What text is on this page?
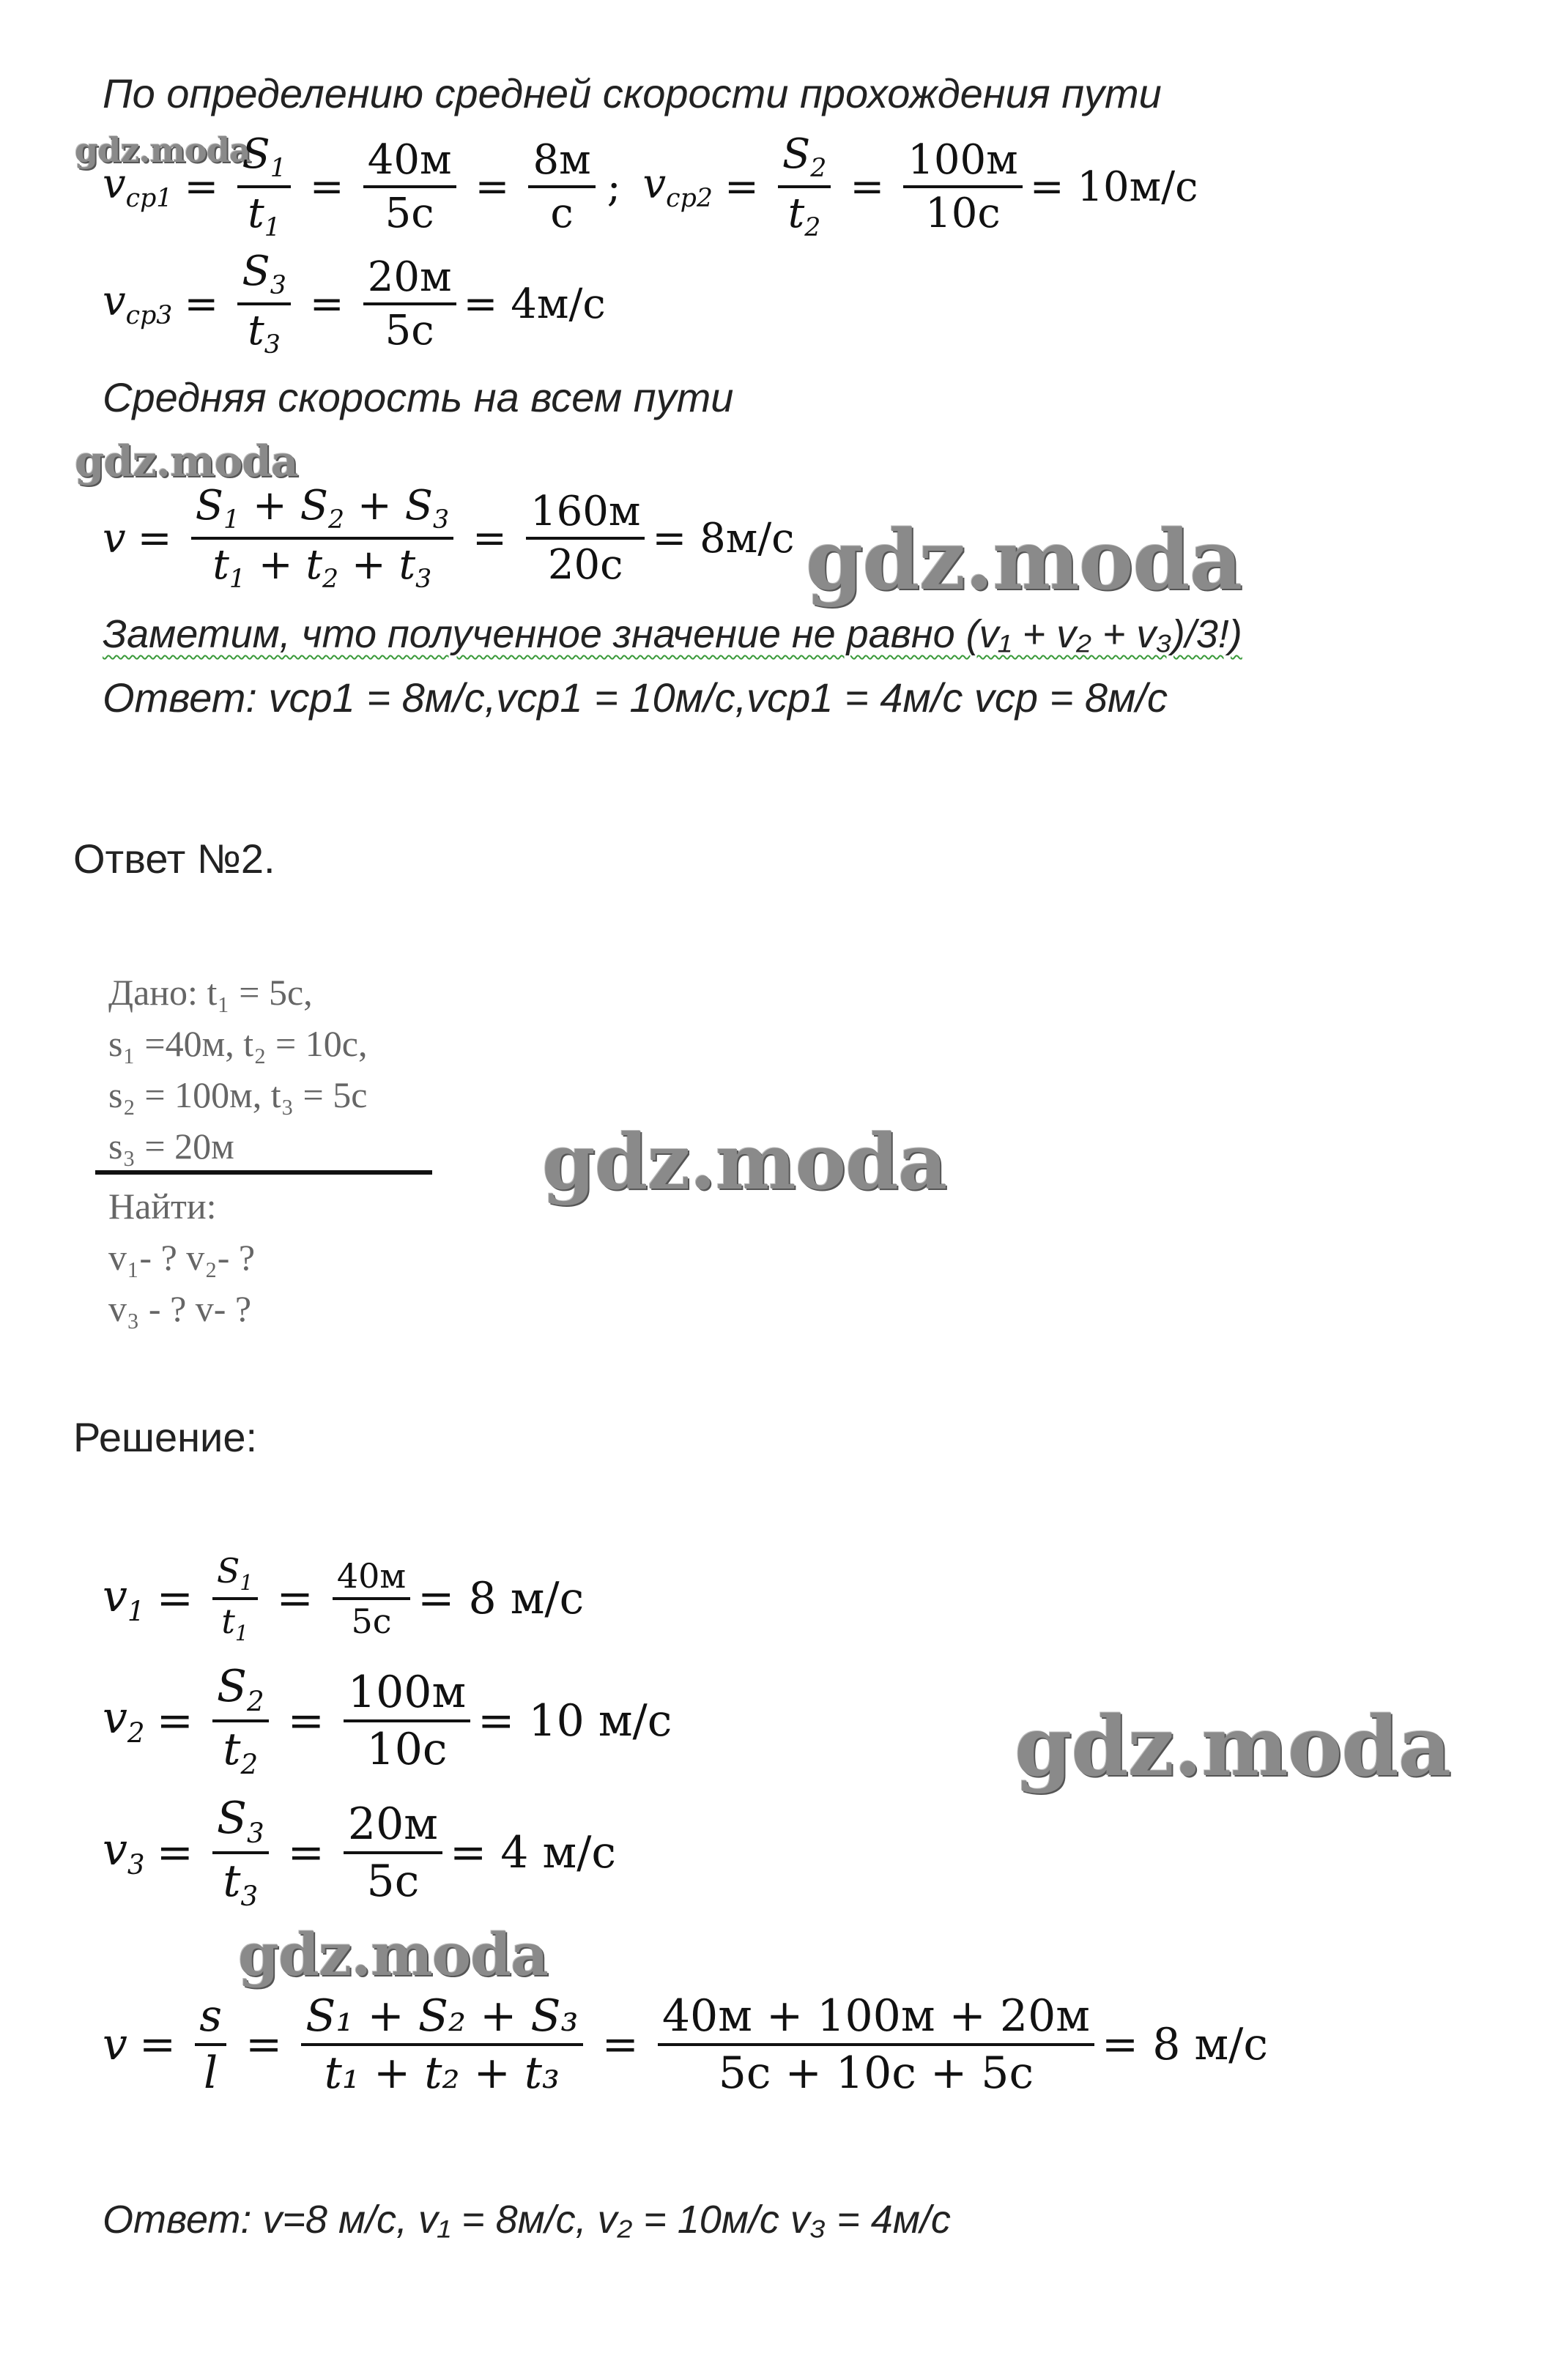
По определению средней скорости прохождения пути
gdz.moda
$v_{ср1} = \frac{S_1}{t_1} = \frac{40м}{5с} = \frac{8м}{с}$ ; $v_{ср2} = \frac{S_2}{t_2} = \frac{100м}{10с} = 10м/с$
$v_{ср3} = \frac{S_3}{t_3} = \frac{20м}{5с} = 4м/с$
Средняя скорость на всем пути
gdz.moda
$v = \frac{S_1 + S_2 + S_3}{t_1 + t_2 + t_3} = \frac{160м}{20с} = 8м/с$ gdz.moda
Заметим, что полученное значение не равно (v₁ + v₂ + v₃)/3!)
Ответ: vср1 = 8м/с,vср1 = 10м/с,vср1 = 4м/с vср = 8м/с
Ответ №2.
Дано: t₁ = 5с,
s₁ =40м, t₂ = 10с,
s₂ = 100м, t₃ = 5с
s₃ = 20м
Найти:
v₁- ? v₂- ?
v₃ - ? v- ?
gdz.moda
Решение:
$v_1 = \frac{S_1}{t_1} = \frac{40м}{5с} = 8$ м/с
$v_2 = \frac{S_2}{t_2} = \frac{100м}{10с} = 10$ м/с	gdz.moda
$v_3 = \frac{S_3}{t_3} = \frac{20м}{5с} = 4$ м/с
gdz.moda
$v = \frac{s}{l} = \frac{\text{S₁ + S₂ + S₃}}{\text{t₁ + t₂ + t₃}} = \frac{40м + 100м + 20м}{5с + 10с + 5с} = 8$ м/с
Ответ: v=8 м/с, v₁ = 8м/с, v₂ = 10м/с v₃ = 4м/с
